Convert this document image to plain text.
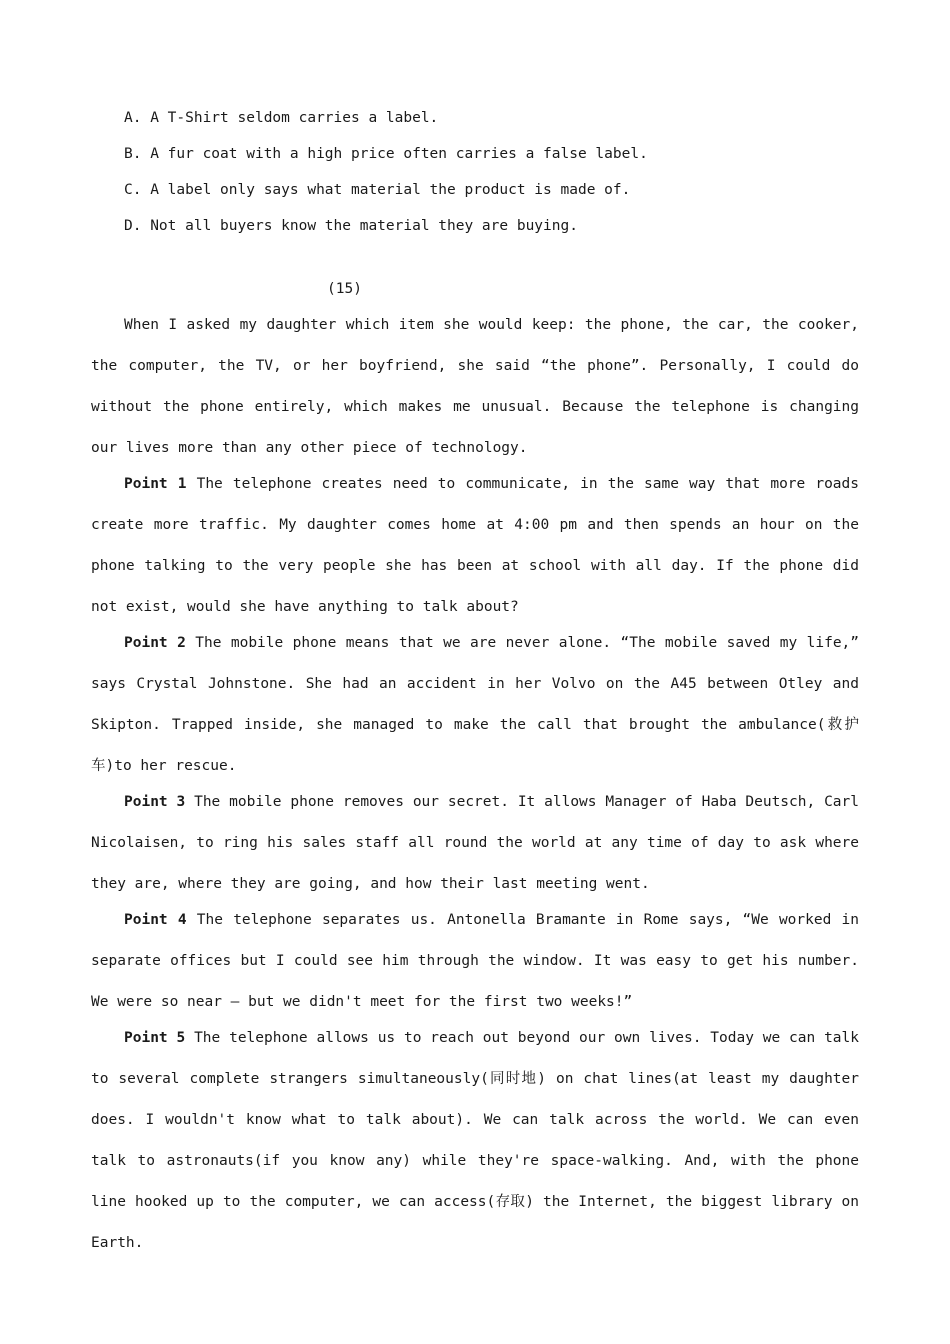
A. A T-Shirt seldom carries a label.
B. A fur coat with a high price often carries a false label.
C. A label only says what material the product is made of.
D. Not all buyers know the material they are buying.
(15)

When I asked my daughter which item she would keep: the phone, the car, the cooker, the computer, the TV, or her boyfriend, she said “the phone”. Personally, I could do without the phone entirely, which makes me unusual. Because the telephone is changing our lives more than any other piece of technology.

Point 1 The telephone creates need to communicate, in the same way that more roads create more traffic. My daughter comes home at 4:00 pm and then spends an hour on the phone talking to the very people she has been at school with all day. If the phone did not exist, would she have anything to talk about?

Point 2 The mobile phone means that we are never alone. “The mobile saved my life,” says Crystal Johnstone. She had an accident in her Volvo on the A45 between Otley and Skipton. Trapped inside, she managed to make the call that brought the ambulance(救护车)to her rescue.

Point 3 The mobile phone removes our secret. It allows Manager of Haba Deutsch, Carl Nicolaisen, to ring his sales staff all round the world at any time of day to ask where they are, where they are going, and how their last meeting went.

Point 4 The telephone separates us. Antonella Bramante in Rome says, “We worked in separate offices but I could see him through the window. It was easy to get his number. We were so near — but we didn't meet for the first two weeks!”

Point 5 The telephone allows us to reach out beyond our own lives. Today we can talk to several complete strangers simultaneously(同时地) on chat lines(at least my daughter does. I wouldn't know what to talk about). We can talk across the world. We can even talk to astronauts(if you know any) while they're space-walking. And, with the phone line hooked up to the computer, we can access(存取) the Internet, the biggest library on Earth.
